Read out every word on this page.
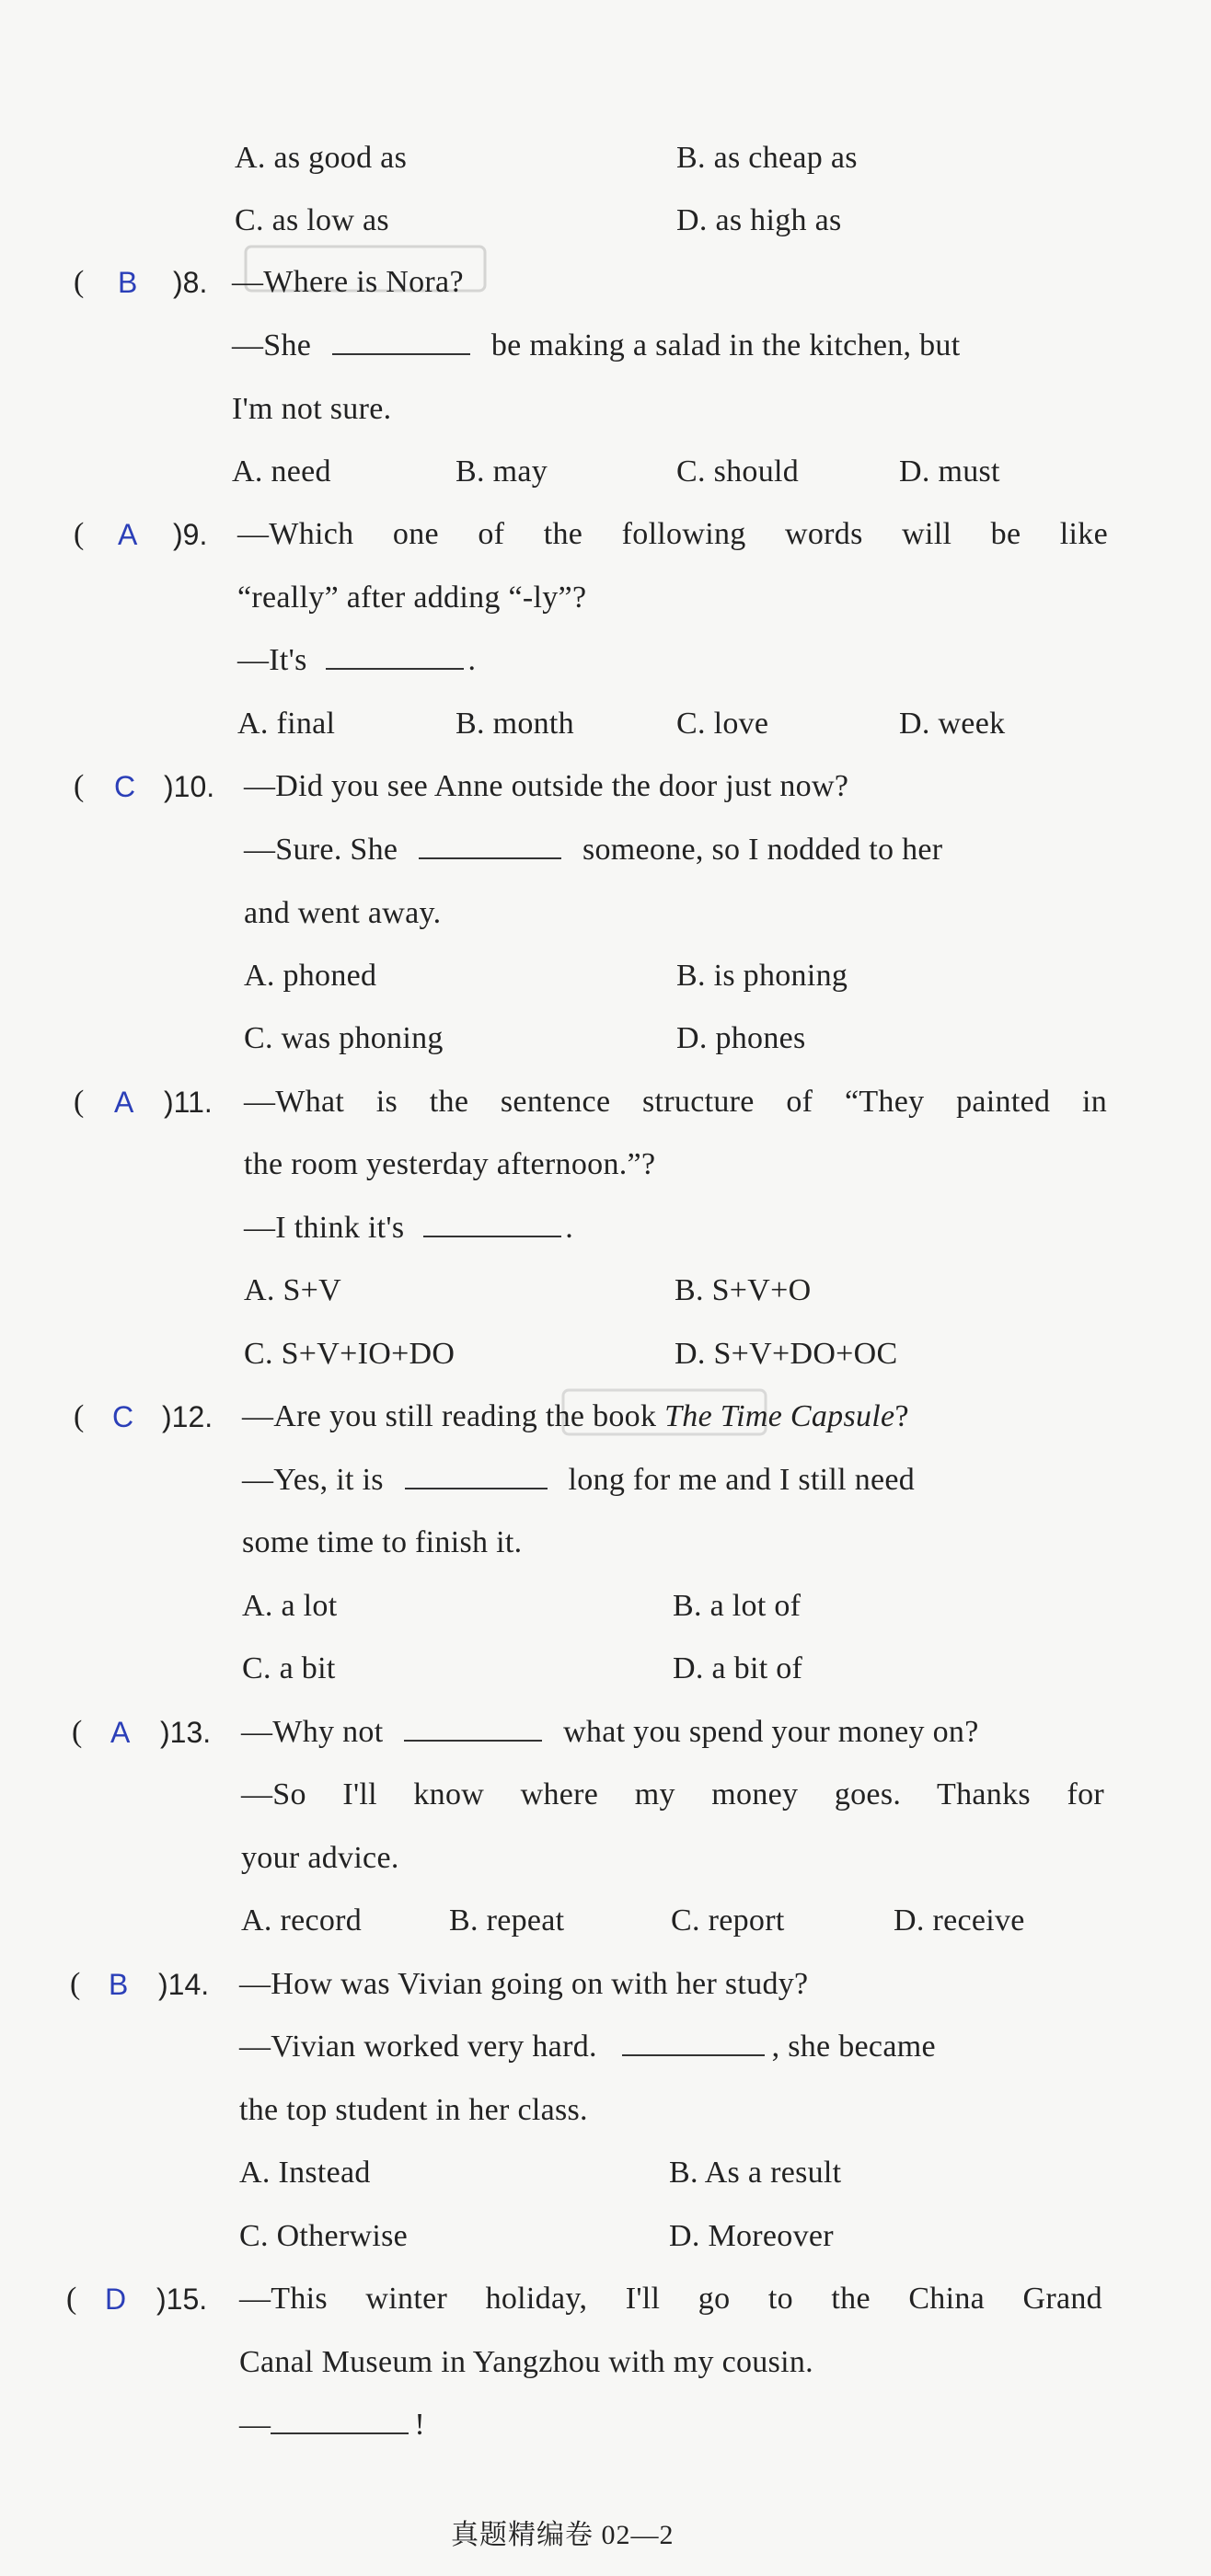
A. as good as	B. as cheap as
C. as low as	D. as high as
( B )8. —Where is Nora?
—She	be making a salad in the kitchen, but
I'm not sure.
A. need	B. may	C. should	D. must
( A )9. —Which one of the following words will be like
“really” after adding “-ly”?
—It's	.
A. final	B. month	C. love	D. week
( C )10. —Did you see Anne outside the door just now?
—Sure. She	someone, so I nodded to her
and went away.
A. phoned	B. is phoning
C. was phoning	D. phones
( A )11. —What is the sentence structure of “They painted in
the room yesterday afternoon.”?
—I think it's	.
A. S+V	B. S+V+O
C. S+V+IO+DO	D. S+V+DO+OC
( C )12. —Are you still reading the book The Time Capsule?
—Yes, it is	long for me and I still need
some time to finish it.
A. a lot	B. a lot of
C. a bit	D. a bit of
( A )13. —Why not	what you spend your money on?
—So I'll know where my money goes. Thanks for
your advice.
A. record	B. repeat	C. report	D. receive
( B )14. —How was Vivian going on with her study?
—Vivian worked very hard.	, she became
the top student in her class.
A. Instead	B. As a result
C. Otherwise	D. Moreover
( D )15. —This winter holiday, I'll go to the China Grand
Canal Museum in Yangzhou with my cousin.
—	!
真题精编卷 02—2
